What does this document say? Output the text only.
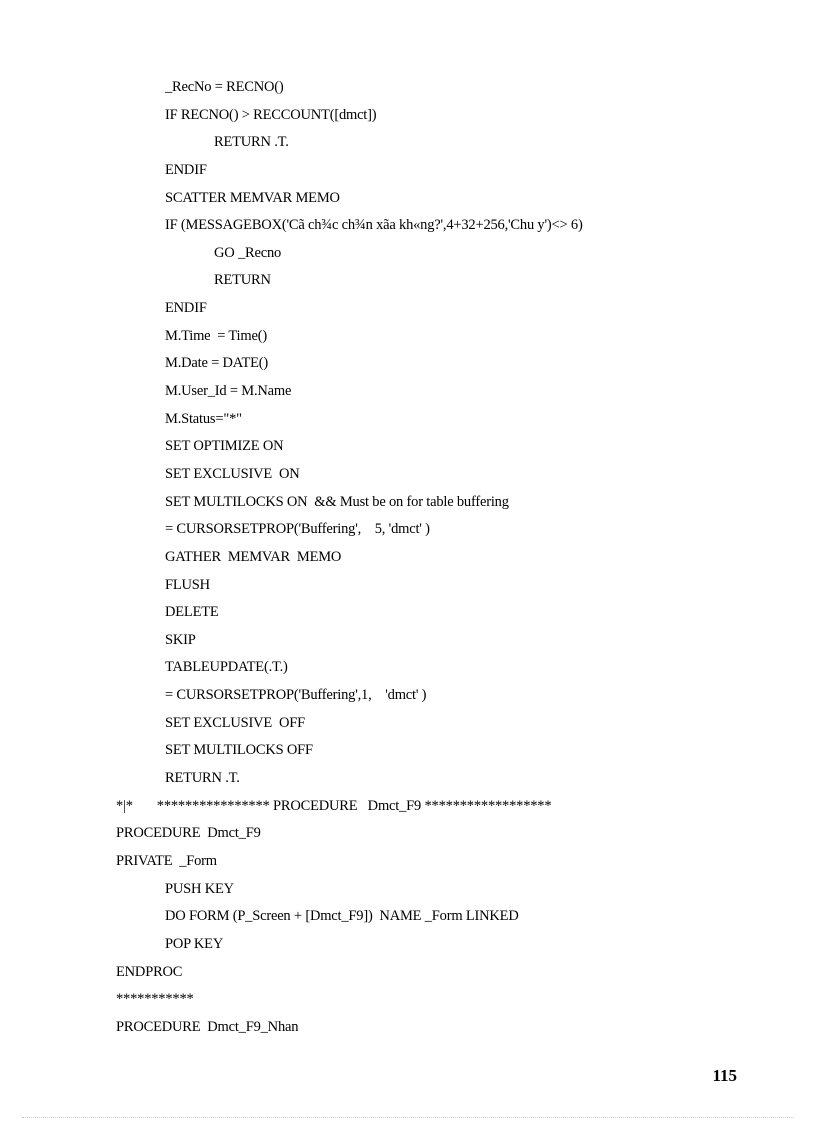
_RecNo = RECNO()
IF RECNO() > RECCOUNT([dmct])
RETURN .T.
ENDIF
SCATTER MEMVAR MEMO
IF (MESSAGEBOX('Cã ch¾c ch¾n xãa kh«ng?',4+32+256,'Chu y')<> 6)
GO _Recno
RETURN
ENDIF
M.Time  = Time()
M.Date = DATE()
M.User_Id = M.Name
M.Status="*"
SET OPTIMIZE ON
SET EXCLUSIVE  ON
SET MULTILOCKS ON  && Must be on for table buffering
= CURSORSETPROP('Buffering',    5, 'dmct' )
GATHER  MEMVAR  MEMO
FLUSH
DELETE
SKIP
TABLEUPDATE(.T.)
= CURSORSETPROP('Buffering',1,    'dmct' )
SET EXCLUSIVE  OFF
SET MULTILOCKS OFF
RETURN .T.
*|*       **************** PROCEDURE   Dmct_F9 ******************
PROCEDURE  Dmct_F9
PRIVATE  _Form
PUSH KEY
DO FORM (P_Screen + [Dmct_F9])  NAME _Form LINKED
POP KEY
ENDPROC
***********
PROCEDURE  Dmct_F9_Nhan
115
